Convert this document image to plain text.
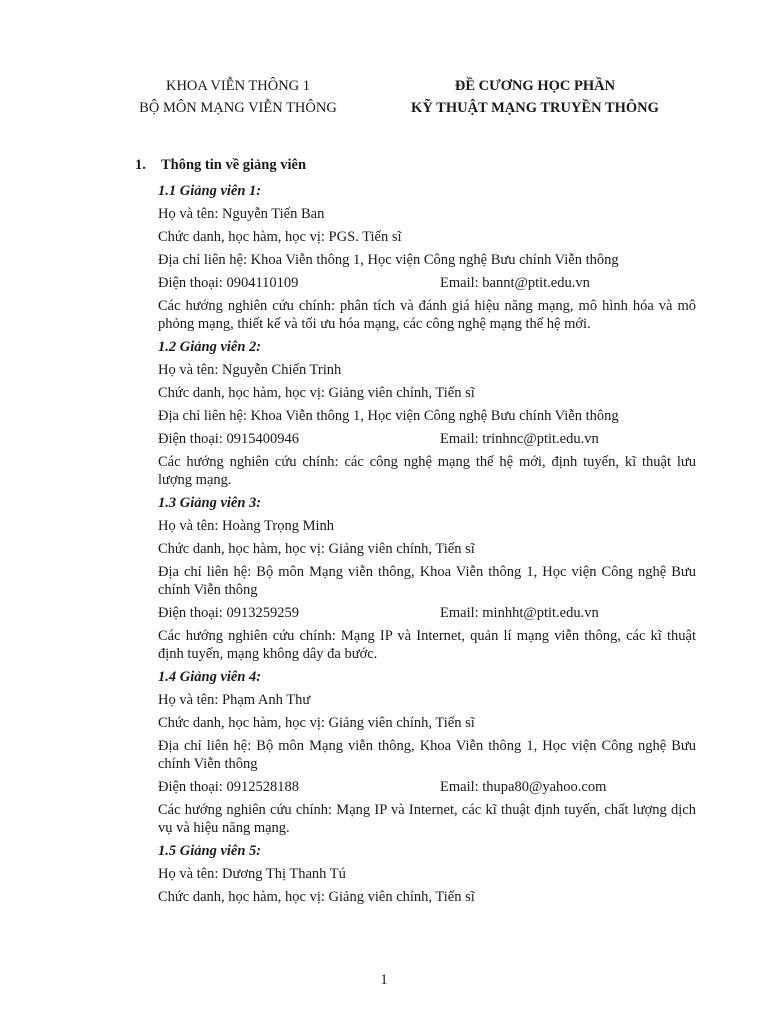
KHOA VIỄN THÔNG 1
BỘ MÔN MẠNG VIỄN THÔNG
ĐỀ CƯƠNG HỌC PHẦN
KỸ THUẬT MẠNG TRUYỀN THÔNG
1. Thông tin về giảng viên
1.1 Giảng viên 1:
Họ và tên: Nguyễn Tiến Ban
Chức danh, học hàm, học vị: PGS. Tiến sĩ
Địa chỉ liên hệ: Khoa Viễn thông 1, Học viện Công nghệ Bưu chính Viễn thông
Điện thoại: 0904110109	Email: bannt@ptit.edu.vn
Các hướng nghiên cứu chính: phân tích và đánh giá hiệu năng mạng, mô hình hóa và mô phỏng mạng, thiết kế và tối ưu hóa mạng, các công nghệ mạng thế hệ mới.
1.2 Giảng viên 2:
Họ và tên: Nguyễn Chiến Trinh
Chức danh, học hàm, học vị: Giảng viên chính, Tiến sĩ
Địa chỉ liên hệ: Khoa Viễn thông 1, Học viện Công nghệ Bưu chính Viễn thông
Điện thoại: 0915400946	Email: trinhnc@ptit.edu.vn
Các hướng nghiên cứu chính: các công nghệ mạng thế hệ mới, định tuyến, kĩ thuật lưu lượng mạng.
1.3 Giảng viên 3:
Họ và tên: Hoàng Trọng Minh
Chức danh, học hàm, học vị: Giảng viên chính, Tiến sĩ
Địa chỉ liên hệ: Bộ môn Mạng viễn thông, Khoa Viễn thông 1, Học viện Công nghệ Bưu chính Viễn thông
Điện thoại: 0913259259	Email: minhht@ptit.edu.vn
Các hướng nghiên cứu chính: Mạng IP và Internet, quản lí mạng viễn thông, các kĩ thuật định tuyến, mạng không dây đa bước.
1.4 Giảng viên 4:
Họ và tên: Phạm Anh Thư
Chức danh, học hàm, học vị: Giảng viên chính, Tiến sĩ
Địa chỉ liên hệ: Bộ môn Mạng viễn thông, Khoa Viễn thông 1, Học viện Công nghệ Bưu chính Viễn thông
Điện thoại: 0912528188	Email: thupa80@yahoo.com
Các hướng nghiên cứu chính: Mạng IP và Internet, các kĩ thuật định tuyến, chất lượng dịch vụ và hiệu năng mạng.
1.5 Giảng viên 5:
Họ và tên: Dương Thị Thanh Tú
Chức danh, học hàm, học vị: Giảng viên chính, Tiến sĩ
1
